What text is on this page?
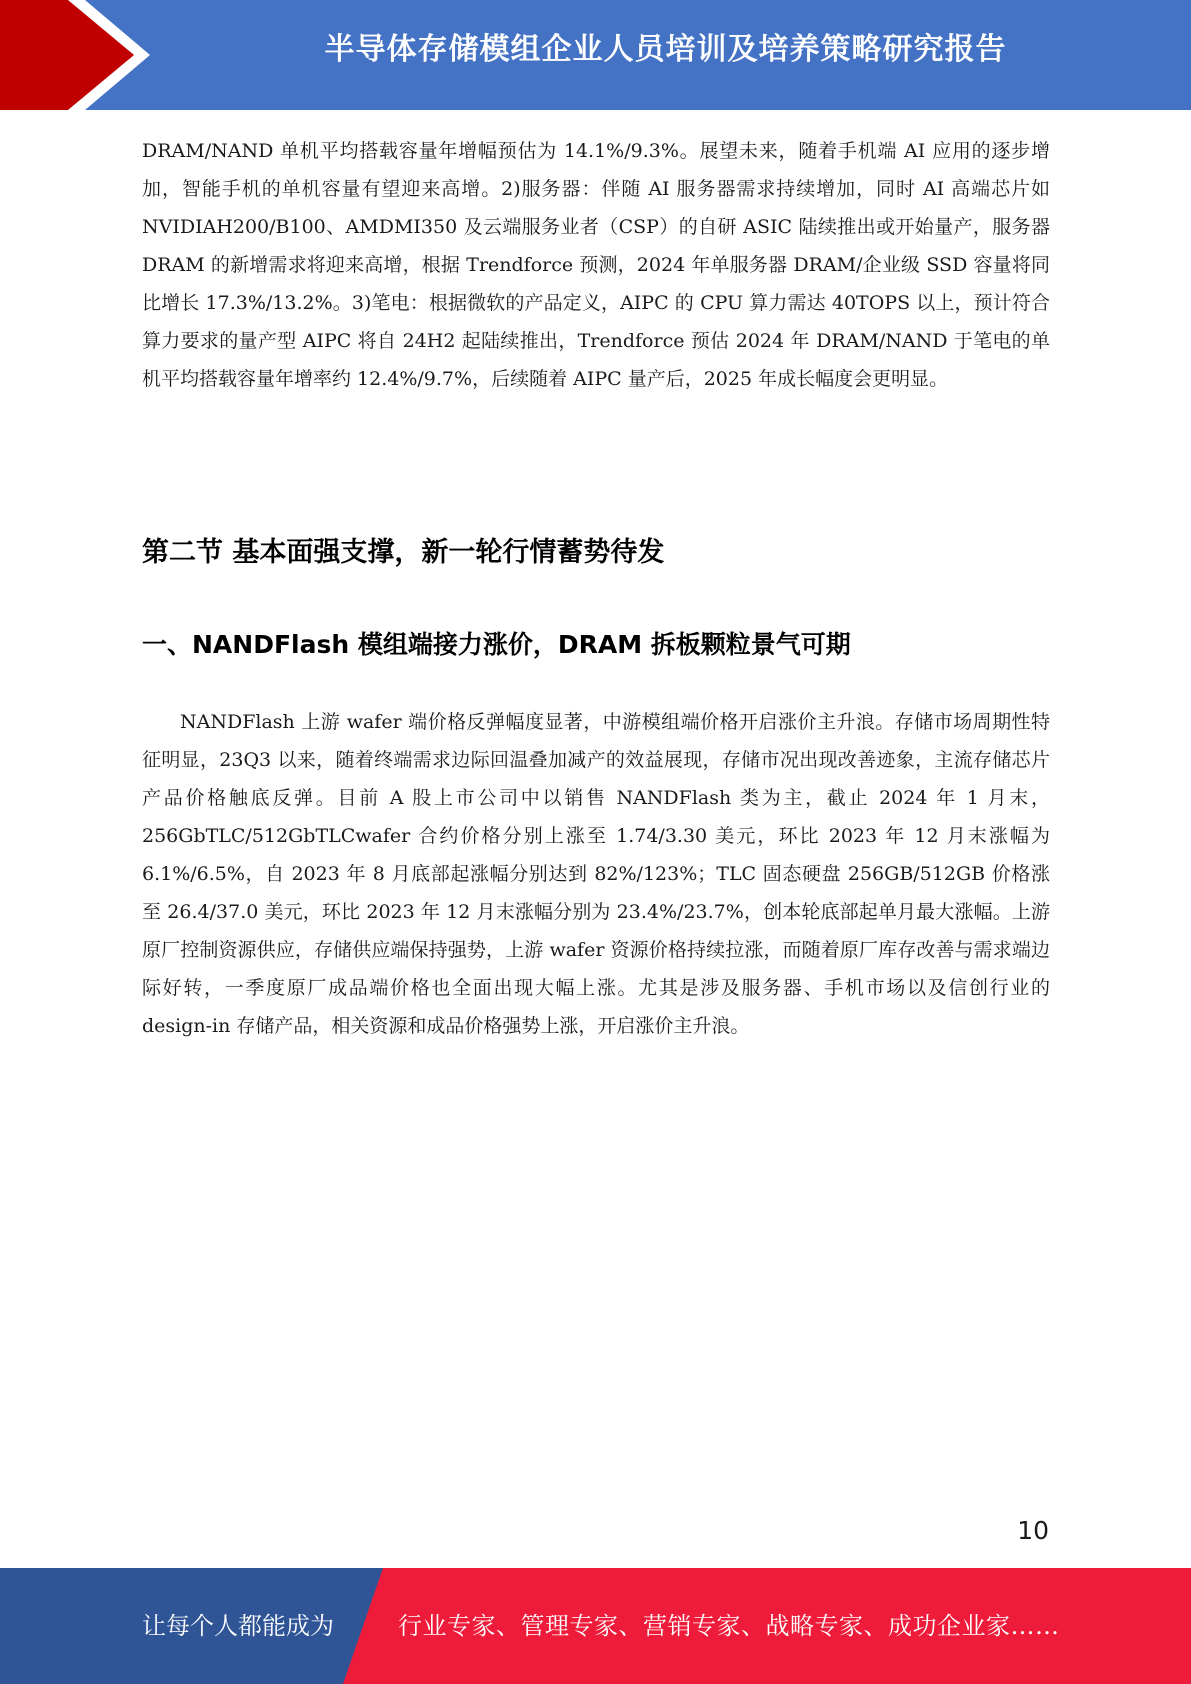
半导体存储模组企业人员培训及培养策略研究报告

DRAM/NAND 单机平均搭载容量年增幅预估为 14.1%/9.3%。展望未来，随着手机端 AI 应用的逐步增加，智能手机的单机容量有望迎来高增。2)服务器：伴随 AI 服务器需求持续增加，同时 AI 高端芯片如 NVIDIAH200/B100、AMDMI350 及云端服务业者（CSP）的自研 ASIC 陆续推出或开始量产，服务器 DRAM 的新增需求将迎来高增，根据 Trendforce 预测，2024 年单服务器 DRAM/企业级 SSD 容量将同比增长 17.3%/13.2%。3)笔电：根据微软的产品定义，AIPC 的 CPU 算力需达 40TOPS 以上，预计符合算力要求的量产型 AIPC 将自 24H2 起陆续推出，Trendforce 预估 2024 年 DRAM/NAND 于笔电的单机平均搭载容量年增率约 12.4%/9.7%，后续随着 AIPC 量产后，2025 年成长幅度会更明显。

第二节 基本面强支撑，新一轮行情蓄势待发
一、NANDFlash 模组端接力涨价，DRAM 拆板颗粒景气可期

NANDFlash 上游 wafer 端价格反弹幅度显著，中游模组端价格开启涨价主升浪。存储市场周期性特征明显，23Q3 以来，随着终端需求边际回温叠加减产的效益展现，存储市况出现改善迹象，主流存储芯片产品价格触底反弹。目前 A 股上市公司中以销售 NANDFlash 类为主，截止 2024 年 1 月末，256GbTLC/512GbTLCwafer 合约价格分别上涨至 1.74/3.30 美元，环比 2023 年 12 月末涨幅为 6.1%/6.5%，自 2023 年 8 月底部起涨幅分别达到 82%/123%；TLC 固态硬盘 256GB/512GB 价格涨至 26.4/37.0 美元，环比 2023 年 12 月末涨幅分别为 23.4%/23.7%，创本轮底部起单月最大涨幅。上游原厂控制资源供应，存储供应端保持强势，上游 wafer 资源价格持续拉涨，而随着原厂库存改善与需求端边际好转，一季度原厂成品端价格也全面出现大幅上涨。尤其是涉及服务器、手机市场以及信创行业的 design-in 存储产品，相关资源和成品价格强势上涨，开启涨价主升浪。

10
让每个人都能成为	行业专家、管理专家、营销专家、战略专家、成功企业家……
